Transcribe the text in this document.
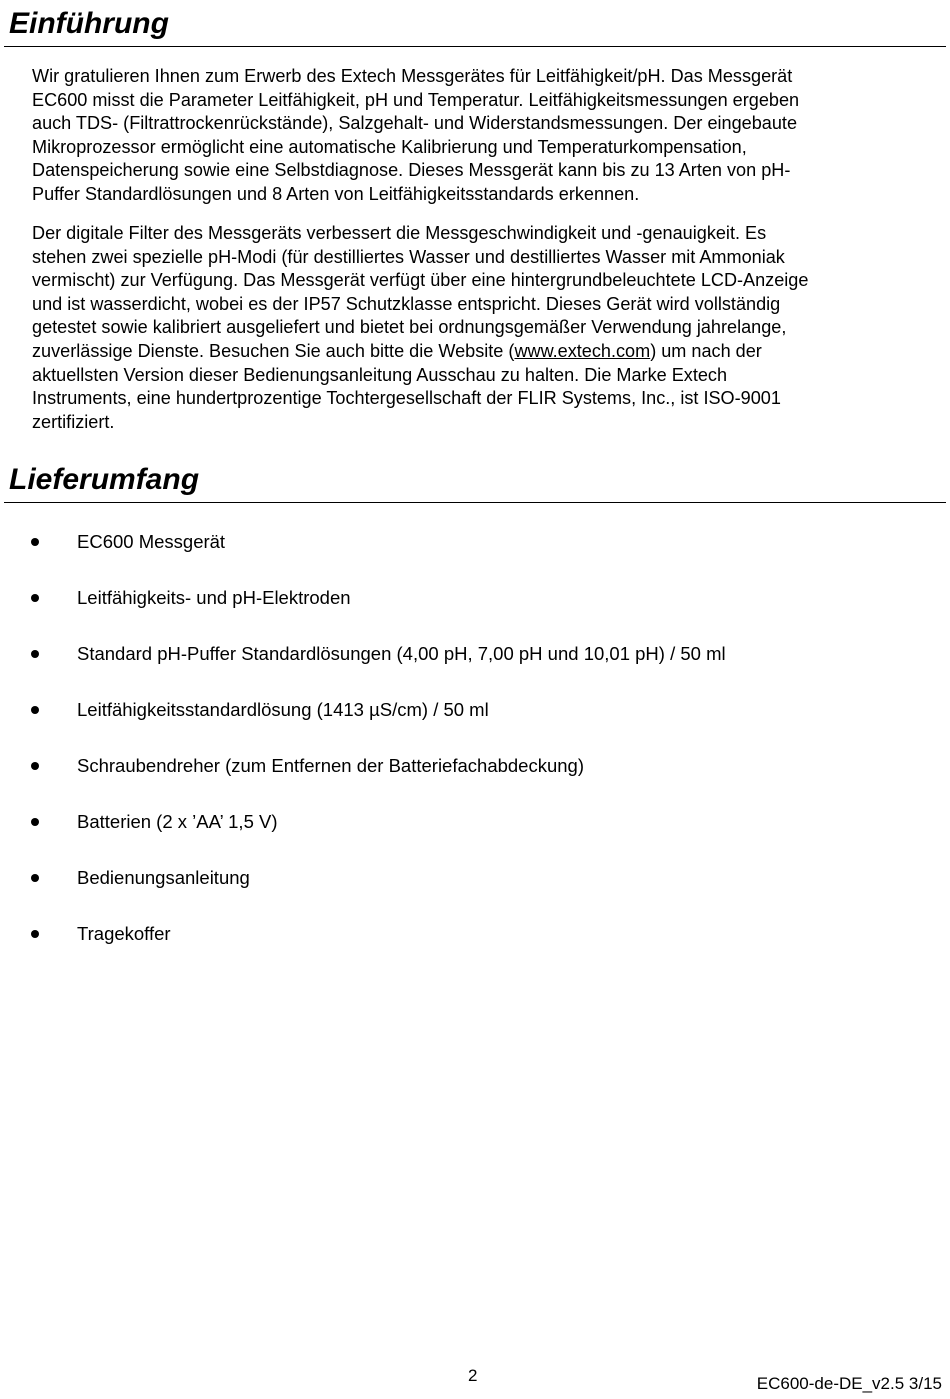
Einführung

Wir gratulieren Ihnen zum Erwerb des Extech Messgerätes für Leitfähigkeit/pH. Das Messgerät
EC600 misst die Parameter Leitfähigkeit, pH und Temperatur. Leitfähigkeitsmessungen ergeben
auch TDS- (Filtrattrockenrückstände), Salzgehalt- und Widerstandsmessungen. Der eingebaute
Mikroprozessor ermöglicht eine automatische Kalibrierung und Temperaturkompensation,
Datenspeicherung sowie eine Selbstdiagnose. Dieses Messgerät kann bis zu 13 Arten von pH-
Puffer Standardlösungen und 8 Arten von Leitfähigkeitsstandards erkennen.

Der digitale Filter des Messgeräts verbessert die Messgeschwindigkeit und -genauigkeit. Es
stehen zwei spezielle pH-Modi (für destilliertes Wasser und destilliertes Wasser mit Ammoniak
vermischt) zur Verfügung. Das Messgerät verfügt über eine hintergrundbeleuchtete LCD-Anzeige
und ist wasserdicht, wobei es der IP57 Schutzklasse entspricht. Dieses Gerät wird vollständig
getestet sowie kalibriert ausgeliefert und bietet bei ordnungsgemäßer Verwendung jahrelange,
zuverlässige Dienste. Besuchen Sie auch bitte die Website (www.extech.com) um nach der
aktuellsten Version dieser Bedienungsanleitung Ausschau zu halten. Die Marke Extech
Instruments, eine hundertprozentige Tochtergesellschaft der FLIR Systems, Inc., ist ISO-9001
zertifiziert.

Lieferumfang
EC600 Messgerät
Leitfähigkeits- und pH-Elektroden
Standard pH-Puffer Standardlösungen (4,00 pH, 7,00 pH und 10,01 pH) / 50 ml
Leitfähigkeitsstandardlösung (1413 µS/cm) / 50 ml
Schraubendreher (zum Entfernen der Batteriefachabdeckung)
Batterien (2 x ’AA’ 1,5 V)
Bedienungsanleitung
Tragekoffer
2	EC600-de-DE_v2.5 3/15
